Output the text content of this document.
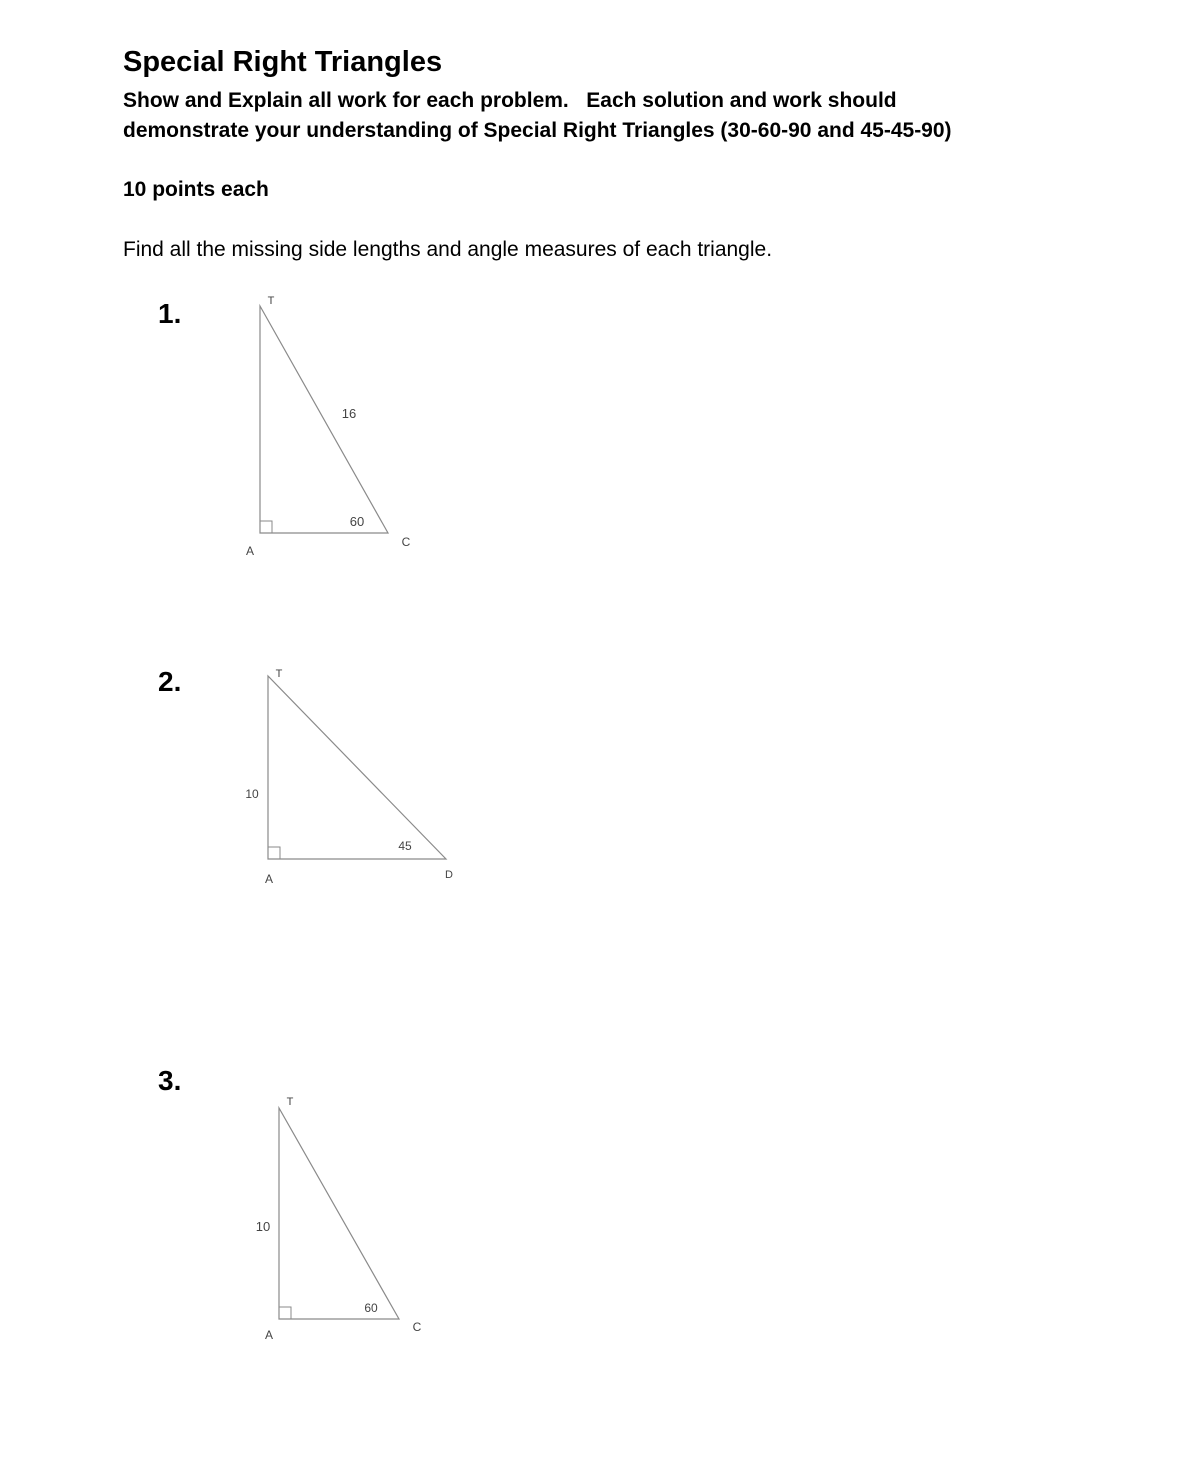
Special Right Triangles

Show and Explain all work for each problem.   Each solution and work should
demonstrate your understanding of Special Right Triangles (30-60-90 and 45-45-90)

10 points each

Find all the missing side lengths and angle measures of each triangle.

1.	T
A
C
16
60
2.	T
A	D
10
45
3.
T
A
C
10
60
